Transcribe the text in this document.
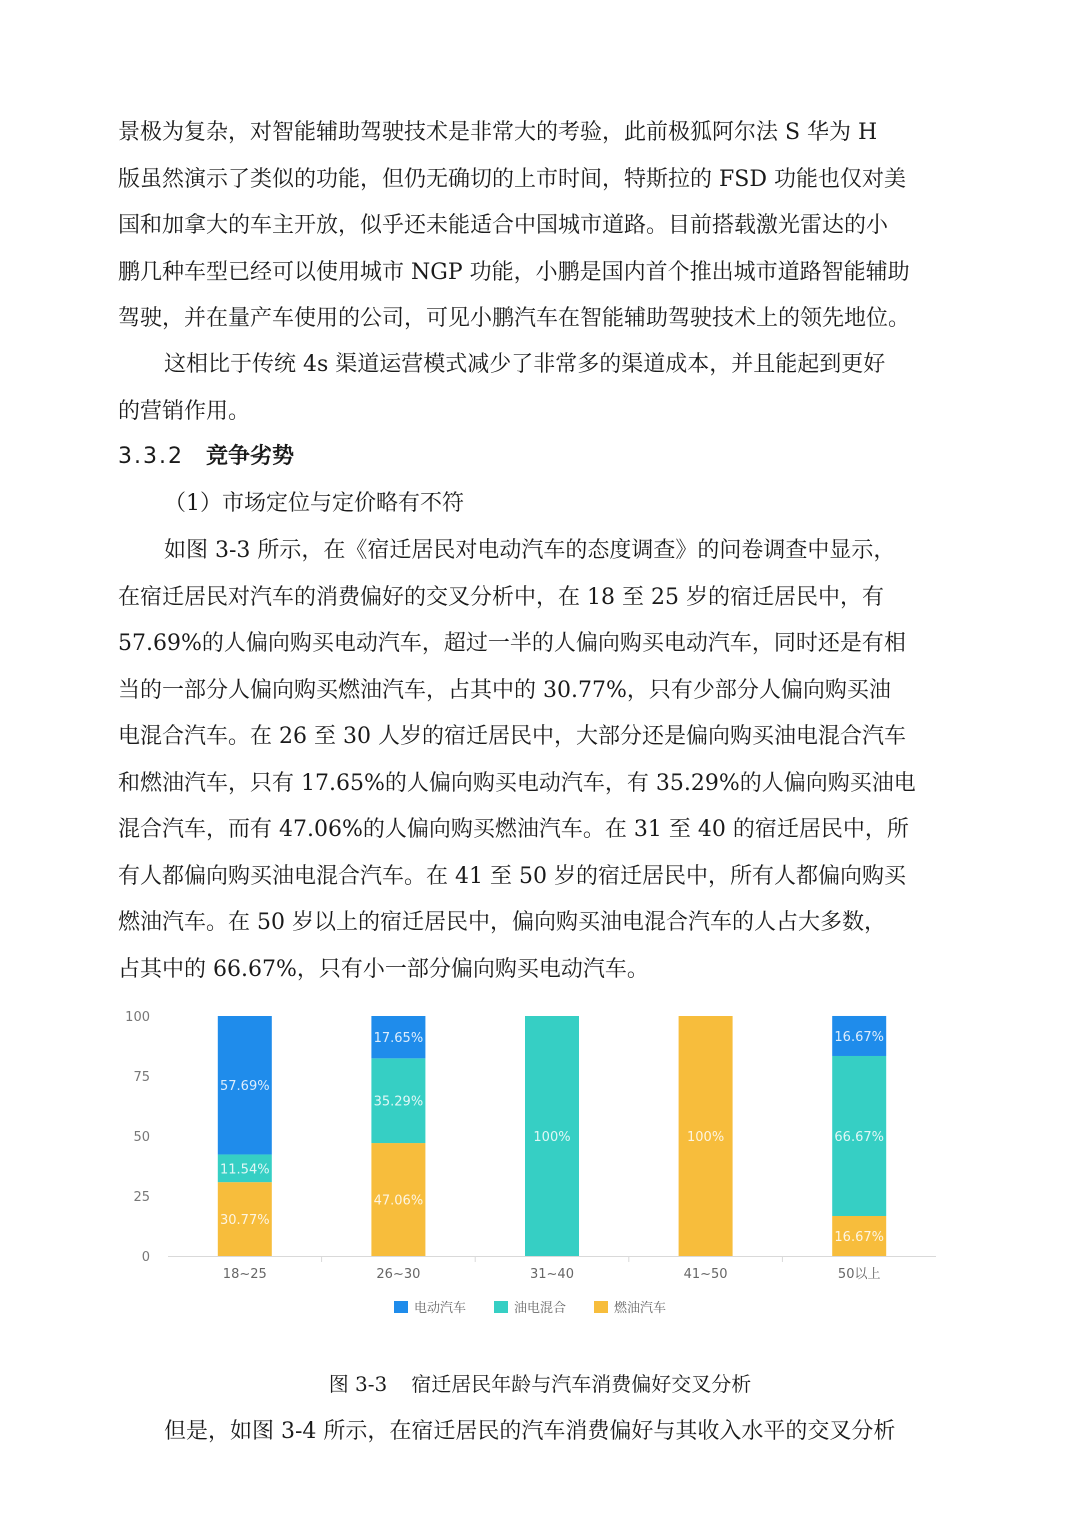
景极为复杂，对智能辅助驾驶技术是非常大的考验，此前极狐阿尔法 S 华为 H
版虽然演示了类似的功能，但仍无确切的上市时间，特斯拉的 FSD 功能也仅对美
国和加拿大的车主开放，似乎还未能适合中国城市道路。目前搭载激光雷达的小
鹏几种车型已经可以使用城市 NGP 功能，小鹏是国内首个推出城市道路智能辅助
驾驶，并在量产车使用的公司，可见小鹏汽车在智能辅助驾驶技术上的领先地位。
这相比于传统 4s 渠道运营模式减少了非常多的渠道成本，并且能起到更好
的营销作用。
3.3.2 竞争劣势
（1）市场定位与定价略有不符
如图 3-3 所示，在《宿迁居民对电动汽车的态度调查》的问卷调查中显示，
在宿迁居民对汽车的消费偏好的交叉分析中，在 18 至 25 岁的宿迁居民中，有
57.69%的人偏向购买电动汽车，超过一半的人偏向购买电动汽车，同时还是有相
当的一部分人偏向购买燃油汽车，占其中的 30.77%，只有少部分人偏向购买油
电混合汽车。在 26 至 30 人岁的宿迁居民中，大部分还是偏向购买油电混合汽车
和燃油汽车，只有 17.65%的人偏向购买电动汽车，有 35.29%的人偏向购买油电
混合汽车，而有 47.06%的人偏向购买燃油汽车。在 31 至 40 的宿迁居民中，所
有人都偏向购买油电混合汽车。在 41 至 50 岁的宿迁居民中，所有人都偏向购买
燃油汽车。在 50 岁以上的宿迁居民中，偏向购买油电混合汽车的人占大多数，
占其中的 66.67%，只有小一部分偏向购买电动汽车。
0
25
50
75
100
18~25	26~30	31~40	41~50	50以上
30.77%
11.54%
57.69%
47.06%
35.29%
17.65%
100%	100%
16.67%
66.67%
16.67%
电动汽车	油电混合	燃油汽车
图 3-3 宿迁居民年龄与汽车消费偏好交叉分析
但是，如图 3-4 所示，在宿迁居民的汽车消费偏好与其收入水平的交叉分析
